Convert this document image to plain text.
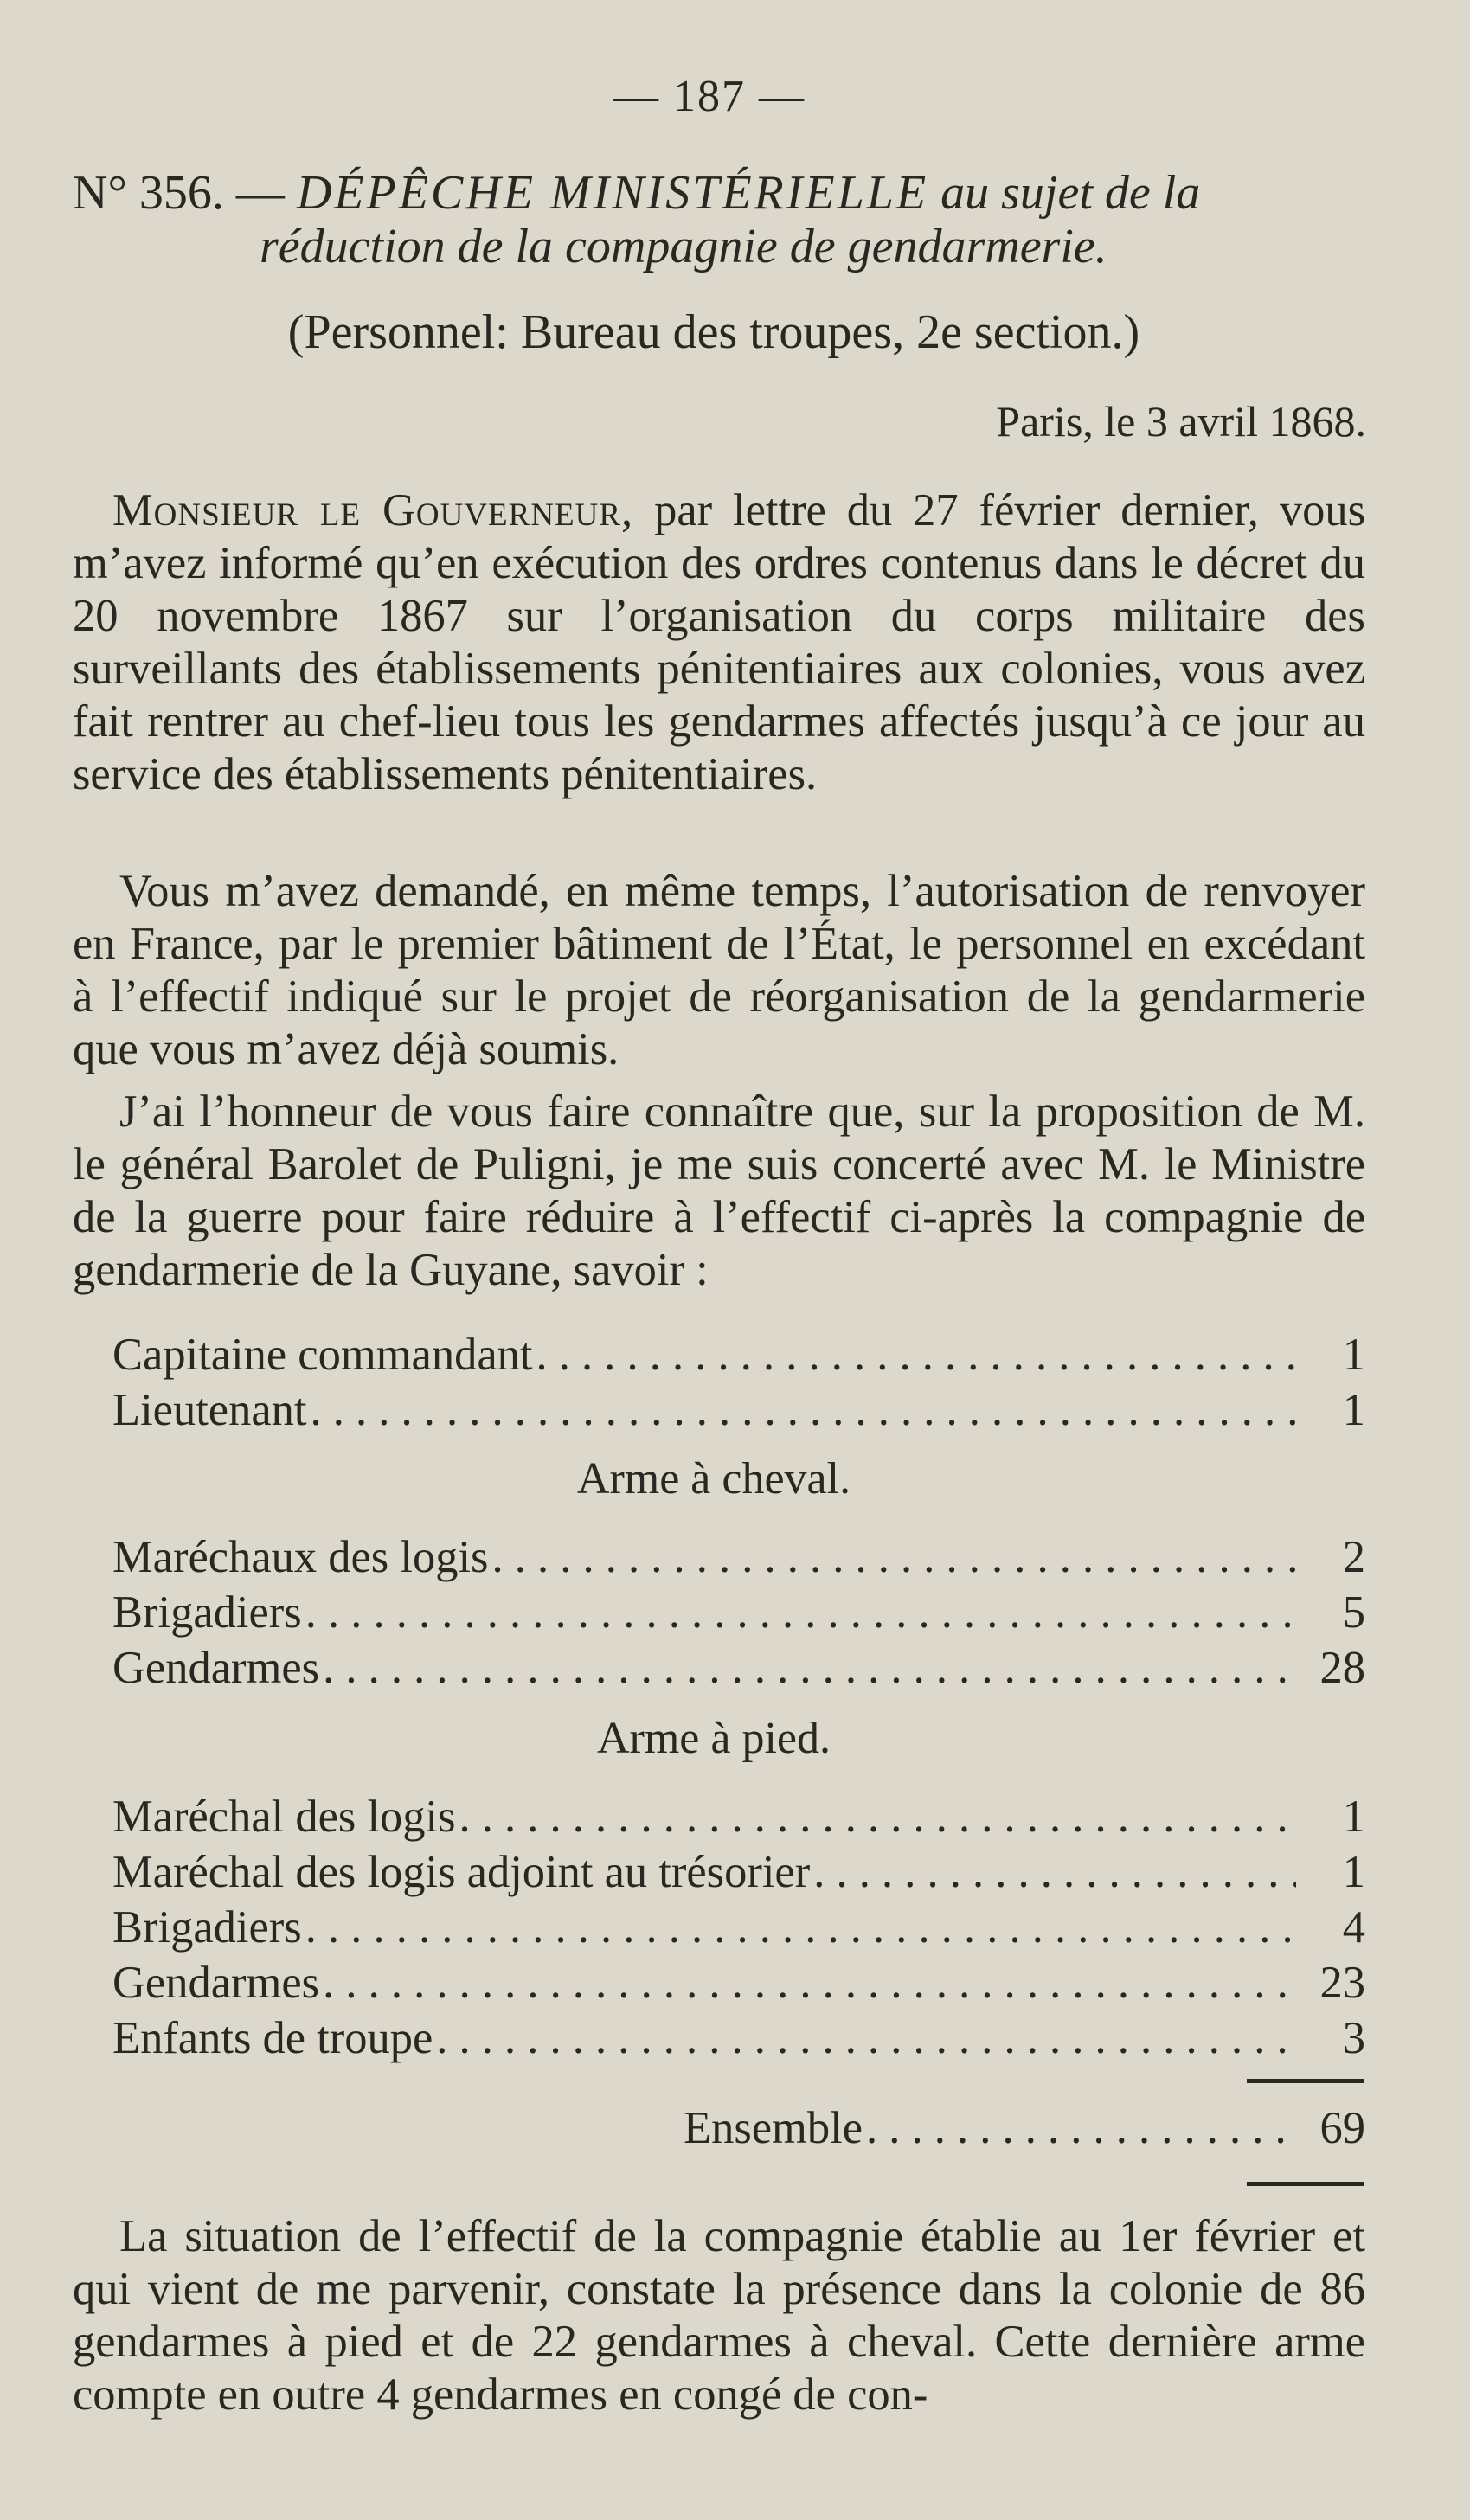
— 187 —
N° 356. — DÉPÊCHE MINISTÉRIELLE au sujet de la
réduction de la compagnie de gendarmerie.
(Personnel: Bureau des troupes, 2e section.)
Paris, le 3 avril 1868.

Monsieur le Gouverneur, par lettre du 27 février dernier, vous m’avez informé qu’en exécution des ordres contenus dans le décret du 20 novembre 1867 sur l’organisation du corps militaire des surveillants des établissements pénitentiaires aux colonies, vous avez fait rentrer au chef-lieu tous les gendarmes affectés jusqu’à ce jour au service des établissements pénitentiaires.

Vous m’avez demandé, en même temps, l’autorisation de renvoyer en France, par le premier bâtiment de l’État, le personnel en excédant à l’effectif indiqué sur le projet de réorganisation de la gendarmerie que vous m’avez déjà soumis.

J’ai l’honneur de vous faire connaître que, sur la proposition de M. le général Barolet de Puligni, je me suis concerté avec M. le Ministre de la guerre pour faire réduire à l’effectif ci-après la compagnie de gendarmerie de la Guyane, savoir :

Capitaine commandant . . .	1
Lieutenant . . .	1
Arme à cheval.
Maréchaux des logis . . .	2
Brigadiers . . .	5
Gendarmes . . .	28
Arme à pied.
Maréchal des logis . . .	1
Maréchal des logis adjoint au trésorier . . .	1
Brigadiers . . .	4
Gendarmes . . .	23
Enfants de troupe . . .	3
Ensemble . . .	69

La situation de l’effectif de la compagnie établie au 1er février et qui vient de me parvenir, constate la présence dans la colonie de 86 gendarmes à pied et de 22 gendarmes à cheval. Cette dernière arme compte en outre 4 gendarmes en congé de con-
